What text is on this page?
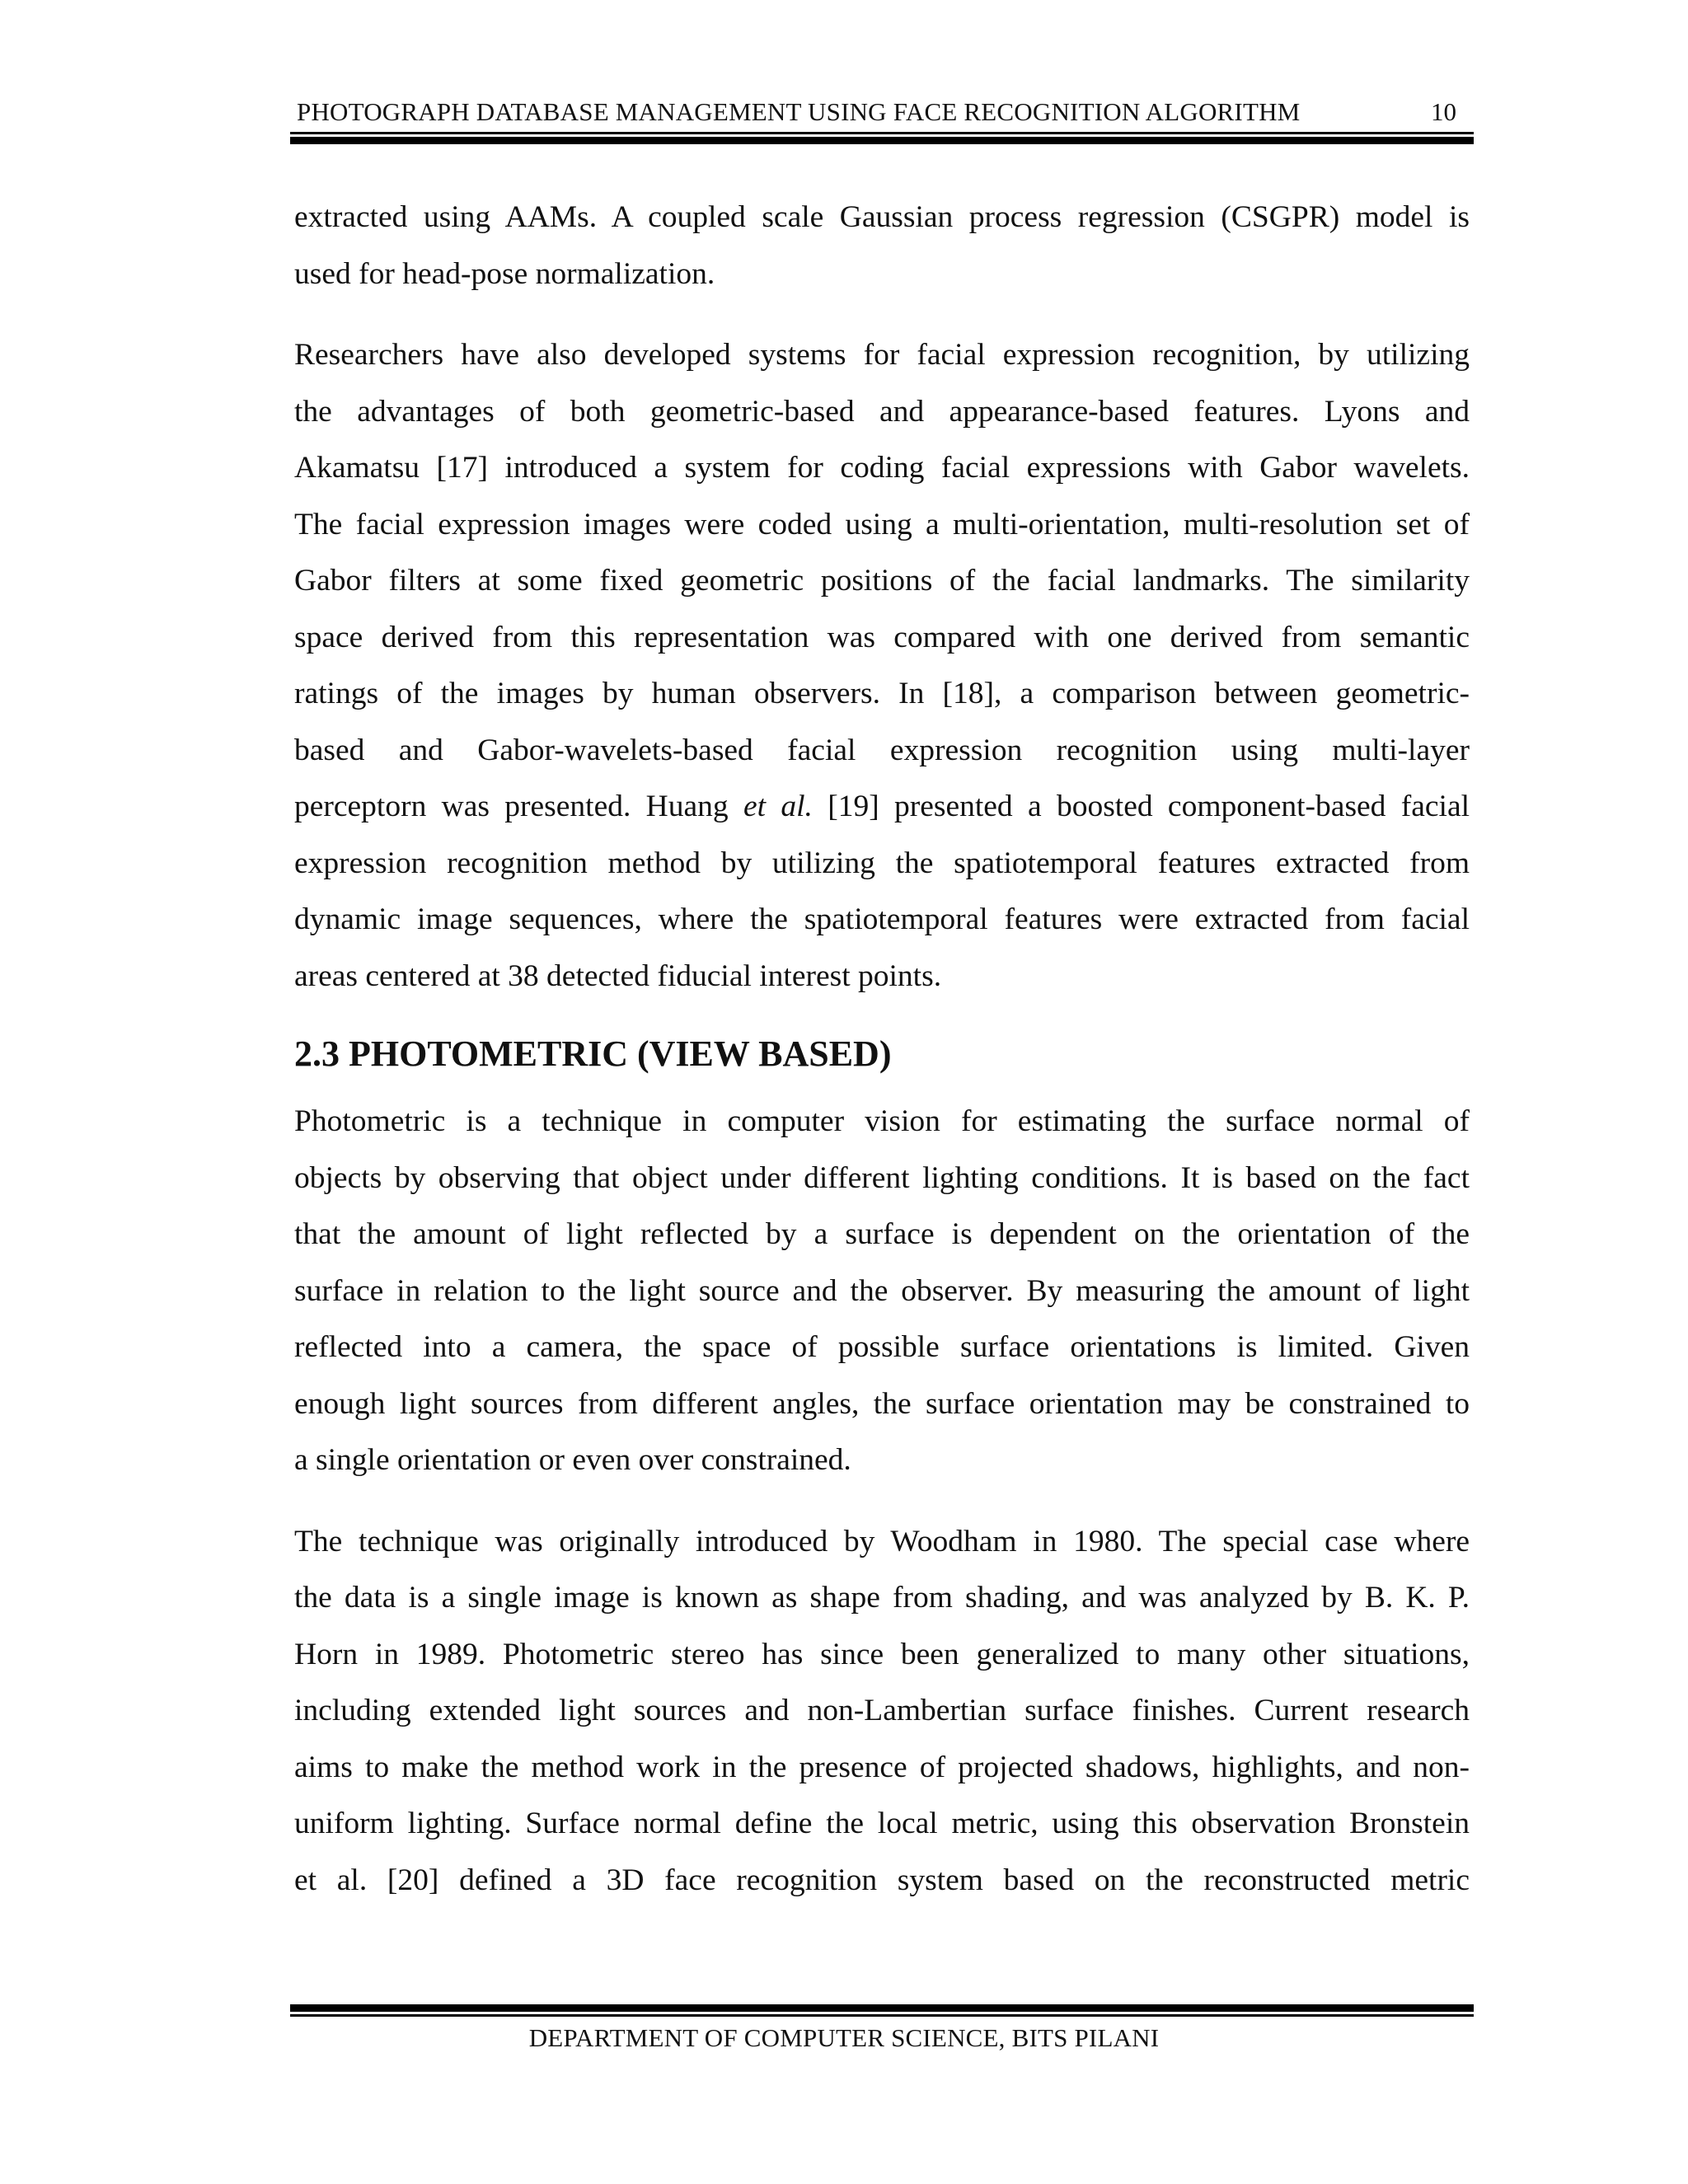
PHOTOGRAPH DATABASE MANAGEMENT USING FACE RECOGNITION ALGORITHM	10
extracted using AAMs. A coupled scale Gaussian process regression (CSGPR) model is
used for head-pose normalization.
Researchers have also developed systems for facial expression recognition, by utilizing
the advantages of both geometric-based and appearance-based features. Lyons and
Akamatsu [17] introduced a system for coding facial expressions with Gabor wavelets.
The facial expression images were coded using a multi-orientation, multi-resolution set of
Gabor filters at some fixed geometric positions of the facial landmarks. The similarity
space derived from this representation was compared with one derived from semantic
ratings of the images by human observers. In [18], a comparison between geometric-
based and Gabor-wavelets-based facial expression recognition using multi-layer
perceptorn was presented. Huang et al. [19] presented a boosted component-based facial
expression recognition method by utilizing the spatiotemporal features extracted from
dynamic image sequences, where the spatiotemporal features were extracted from facial
areas centered at 38 detected fiducial interest points.
2.3 PHOTOMETRIC (VIEW BASED)
Photometric is a technique in computer vision for estimating the surface normal of
objects by observing that object under different lighting conditions. It is based on the fact
that the amount of light reflected by a surface is dependent on the orientation of the
surface in relation to the light source and the observer. By measuring the amount of light
reflected into a camera, the space of possible surface orientations is limited. Given
enough light sources from different angles, the surface orientation may be constrained to
a single orientation or even over constrained.
The technique was originally introduced by Woodham in 1980. The special case where
the data is a single image is known as shape from shading, and was analyzed by B. K. P.
Horn in 1989. Photometric stereo has since been generalized to many other situations,
including extended light sources and non-Lambertian surface finishes. Current research
aims to make the method work in the presence of projected shadows, highlights, and non-
uniform lighting. Surface normal define the local metric, using this observation Bronstein
et al. [20] defined a 3D face recognition system based on the reconstructed metric
DEPARTMENT OF COMPUTER SCIENCE, BITS PILANI
